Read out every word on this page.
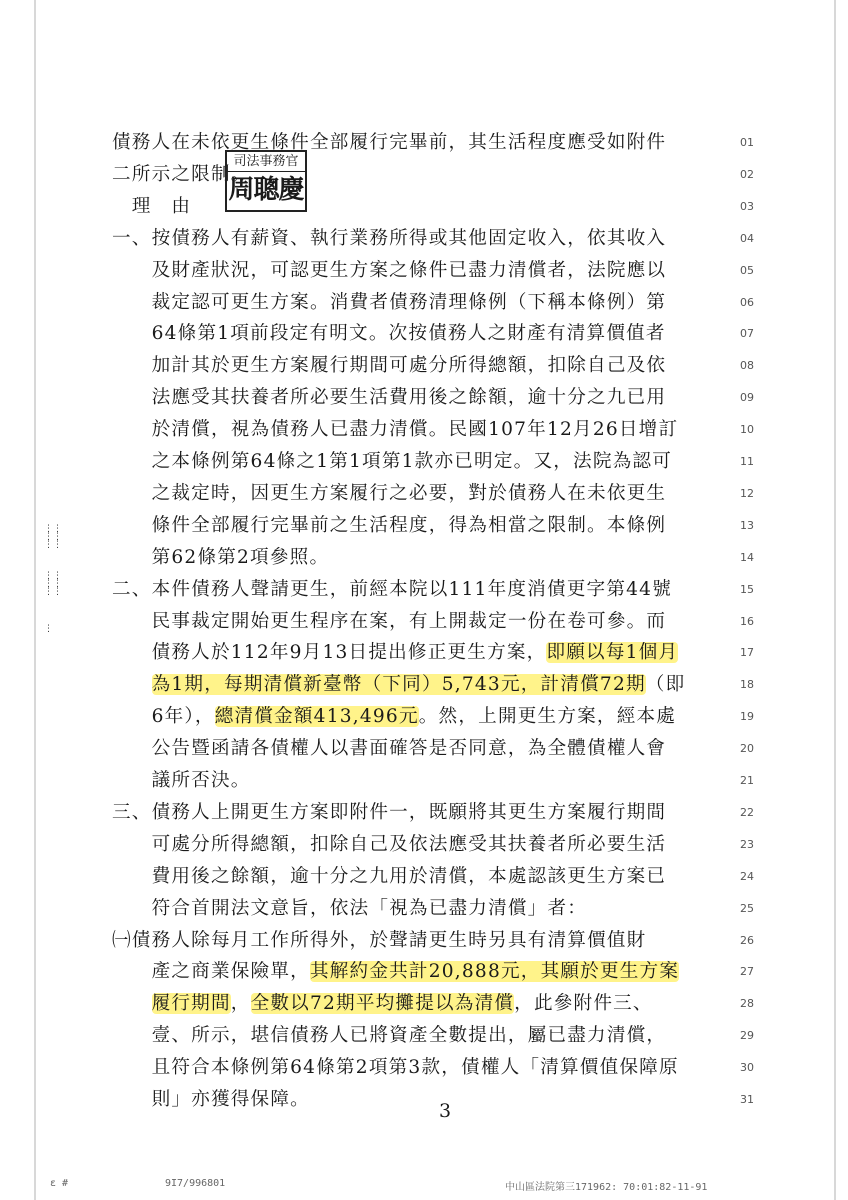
債務人在未依更生條件全部履行完畢前，其生活程度應受如附件	01
二所示之限制。	02
　理　由	03
一、按債務人有薪資、執行業務所得或其他固定收入，依其收入	04
　　及財產狀況，可認更生方案之條件已盡力清償者，法院應以	05
　　裁定認可更生方案。消費者債務清理條例（下稱本條例）第	06
　　64條第1項前段定有明文。次按債務人之財產有清算價值者	07
　　加計其於更生方案履行期間可處分所得總額，扣除自己及依	08
　　法應受其扶養者所必要生活費用後之餘額，逾十分之九已用	09
　　於清償，視為債務人已盡力清償。民國107年12月26日增訂	10
　　之本條例第64條之1第1項第1款亦已明定。又，法院為認可	11
　　之裁定時，因更生方案履行之必要，對於債務人在未依更生	12
　　條件全部履行完畢前之生活程度，得為相當之限制。本條例	13
　　第62條第2項參照。	14
二、本件債務人聲請更生，前經本院以111年度消債更字第44號	15
　　民事裁定開始更生程序在案，有上開裁定一份在卷可參。而	16
　　債務人於112年9月13日提出修正更生方案，即願以每1個月	17
　　為1期，每期清償新臺幣（下同）5,743元，計清償72期（即	18
　　6年），總清償金額413,496元。然，上開更生方案，經本處	19
　　公告暨函請各債權人以書面確答是否同意，為全體債權人會	20
　　議所否決。	21
三、債務人上開更生方案即附件一，既願將其更生方案履行期間	22
　　可處分所得總額，扣除自己及依法應受其扶養者所必要生活	23
　　費用後之餘額，逾十分之九用於清償，本處認該更生方案已	24
　　符合首開法文意旨，依法「視為已盡力清償」者：	25
㈠債務人除每月工作所得外，於聲請更生時另具有清算價值財	26
　　產之商業保險單，其解約金共計20,888元，其願於更生方案	27
　　履行期間，全數以72期平均攤提以為清償，此參附件三、	28
　　壹、所示，堪信債務人已將資產全數提出，屬已盡力清償，	29
　　且符合本條例第64條第2項第3款，債權人「清算價值保障原	30
　　則」亦獲得保障。	31
司法事務官
周聰慶
3
⋮⋮
⋮⋮
⋮⋮
⋮⋮
⋮⋮
⋮⋮
⋮
ε #	9I7/996801	中山區法院第三171962: 70:01:82-11-91
